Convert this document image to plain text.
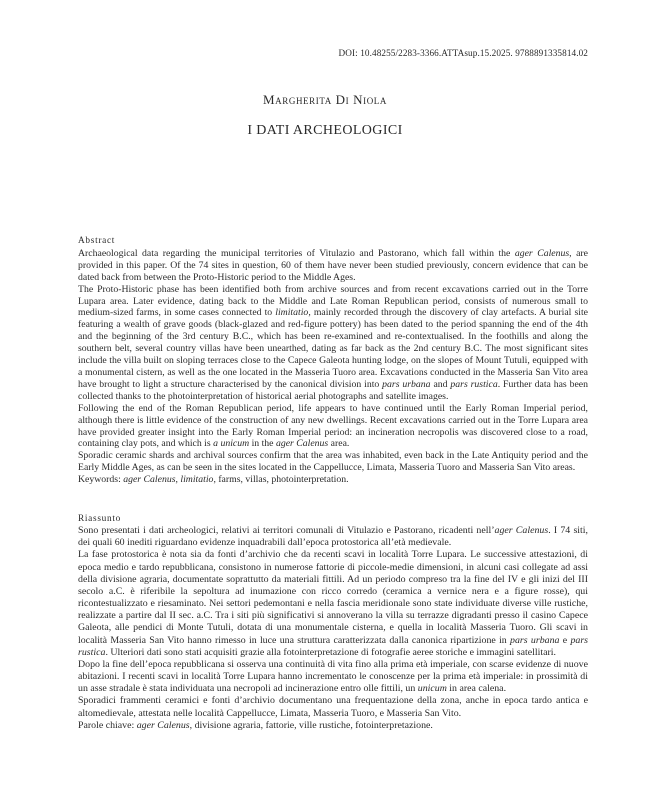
DOI: 10.48255/2283-3366.ATTAsup.15.2025. 9788891335814.02
Margherita Di Niola
I DATI ARCHEOLOGICI
Abstract

Archaeological data regarding the municipal territories of Vitulazio and Pastorano, which fall within the ager Calenus, are provided in this paper. Of the 74 sites in question, 60 of them have never been studied previously, concern evidence that can be dated back from between the Proto-Historic period to the Middle Ages.

The Proto-Historic phase has been identified both from archive sources and from recent excavations carried out in the Torre Lupara area. Later evidence, dating back to the Middle and Late Roman Republican period, consists of numerous small to medium-sized farms, in some cases connected to limitatio, mainly recorded through the discovery of clay artefacts. A burial site featuring a wealth of grave goods (black-glazed and red-figure pottery) has been dated to the period spanning the end of the 4th and the beginning of the 3rd century B.C., which has been re-examined and re-contextualised. In the foothills and along the southern belt, several country villas have been unearthed, dating as far back as the 2nd century B.C. The most significant sites include the villa built on sloping terraces close to the Capece Galeota hunting lodge, on the slopes of Mount Tutuli, equipped with a monumental cistern, as well as the one located in the Masseria Tuoro area. Excavations conducted in the Masseria San Vito area have brought to light a structure characterised by the canonical division into pars urbana and pars rustica. Further data has been collected thanks to the photointerpretation of historical aerial photographs and satellite images.

Following the end of the Roman Republican period, life appears to have continued until the Early Roman Imperial period, although there is little evidence of the construction of any new dwellings. Recent excavations carried out in the Torre Lupara area have provided greater insight into the Early Roman Imperial period: an incineration necropolis was discovered close to a road, containing clay pots, and which is a unicum in the ager Calenus area.

Sporadic ceramic shards and archival sources confirm that the area was inhabited, even back in the Late Antiquity period and the Early Middle Ages, as can be seen in the sites located in the Cappellucce, Limata, Masseria Tuoro and Masseria San Vito areas.

Keywords: ager Calenus, limitatio, farms, villas, photointerpretation.

Riassunto

Sono presentati i dati archeologici, relativi ai territori comunali di Vitulazio e Pastorano, ricadenti nell’ager Calenus. I 74 siti, dei quali 60 inediti riguardano evidenze inquadrabili dall’epoca protostorica all’età medievale.

La fase protostorica è nota sia da fonti d’archivio che da recenti scavi in località Torre Lupara. Le successive attestazioni, di epoca medio e tardo repubblicana, consistono in numerose fattorie di piccole-medie dimensioni, in alcuni casi collegate ad assi della divisione agraria, documentate soprattutto da materiali fittili. Ad un periodo compreso tra la fine del IV e gli inizi del III secolo a.C. è riferibile la sepoltura ad inumazione con ricco corredo (ceramica a vernice nera e a figure rosse), qui ricontestualizzato e riesaminato. Nei settori pedemontani e nella fascia meridionale sono state individuate diverse ville rustiche, realizzate a partire dal II sec. a.C. Tra i siti più significativi si annoverano la villa su terrazze digradanti presso il casino Capece Galeota, alle pendici di Monte Tutuli, dotata di una monumentale cisterna, e quella in località Masseria Tuoro. Gli scavi in località Masseria San Vito hanno rimesso in luce una struttura caratterizzata dalla canonica ripartizione in pars urbana e pars rustica. Ulteriori dati sono stati acquisiti grazie alla fotointerpretazione di fotografie aeree storiche e immagini satellitari.

Dopo la fine dell’epoca repubblicana si osserva una continuità di vita fino alla prima età imperiale, con scarse evidenze di nuove abitazioni. I recenti scavi in località Torre Lupara hanno incrementato le conoscenze per la prima età imperiale: in prossimità di un asse stradale è stata individuata una necropoli ad incinerazione entro olle fittili, un unicum in area calena.

Sporadici frammenti ceramici e fonti d’archivio documentano una frequentazione della zona, anche in epoca tardo antica e altomedievale, attestata nelle località Cappellucce, Limata, Masseria Tuoro, e Masseria San Vito.

Parole chiave: ager Calenus, divisione agraria, fattorie, ville rustiche, fotointerpretazione.
